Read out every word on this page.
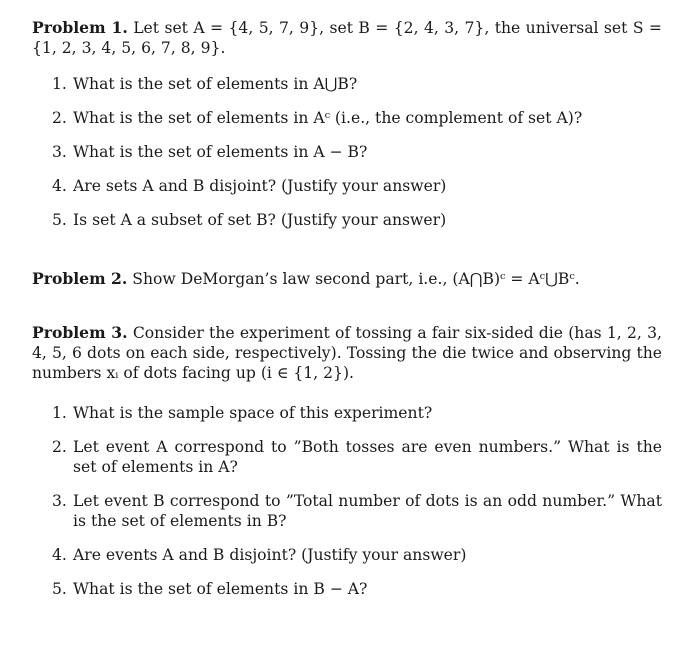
Problem 1. Let set A = {4, 5, 7, 9}, set B = {2, 4, 3, 7}, the universal set S = {1, 2, 3, 4, 5, 6, 7, 8, 9}.
1. What is the set of elements in A⋃B?
2. What is the set of elements in Aᶜ (i.e., the complement of set A)?
3. What is the set of elements in A − B?
4. Are sets A and B disjoint? (Justify your answer)
5. Is set A a subset of set B? (Justify your answer)
Problem 2. Show DeMorgan’s law second part, i.e., (A⋂B)ᶜ = Aᶜ⋃Bᶜ.
Problem 3. Consider the experiment of tossing a fair six-sided die (has 1, 2, 3, 4, 5, 6 dots on each side, respectively). Tossing the die twice and observing the numbers xᵢ of dots facing up (i ∈ {1, 2}).
1. What is the sample space of this experiment?
2. Let event A correspond to ”Both tosses are even numbers.” What is the set of elements in A?
3. Let event B correspond to ”Total number of dots is an odd number.” What is the set of elements in B?
4. Are events A and B disjoint? (Justify your answer)
5. What is the set of elements in B − A?
